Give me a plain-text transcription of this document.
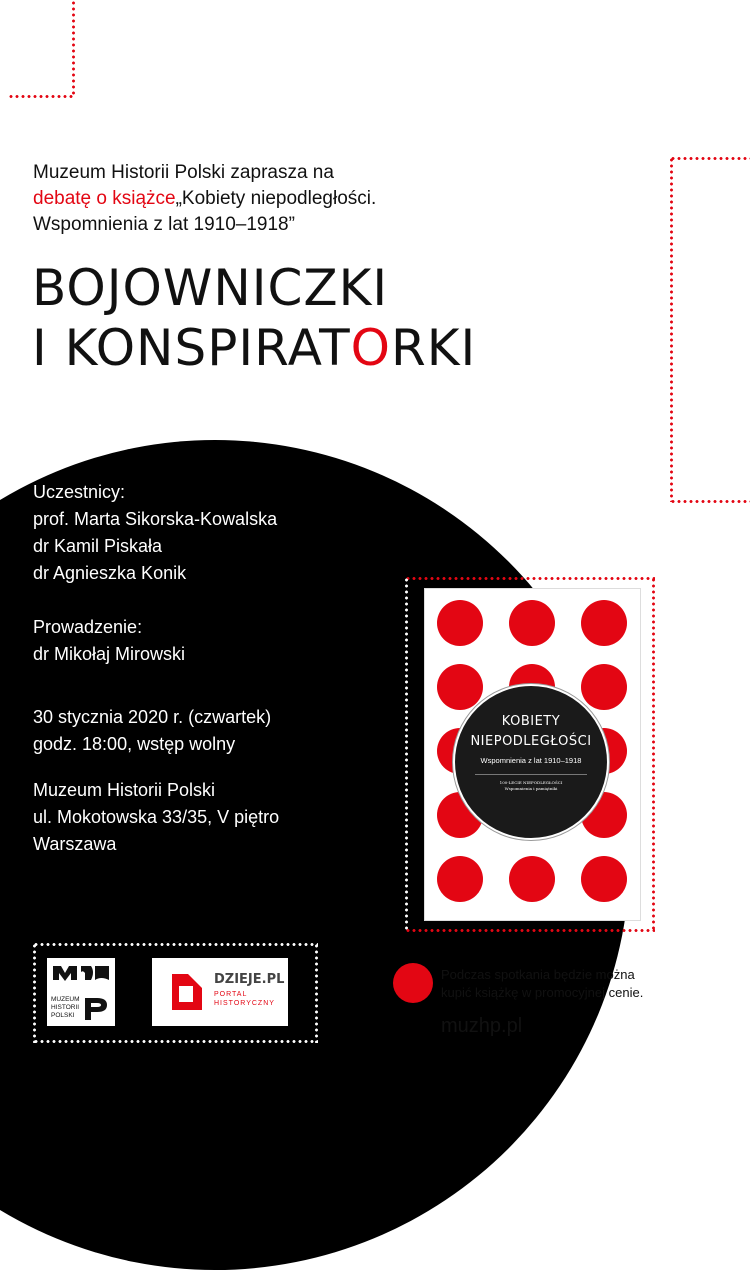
Muzeum Historii Polski zaprasza na
debatę o książce„Kobiety niepodległości.
Wspomnienia z lat 1910–1918”
BOJOWNICZKI
I KONSPIRATORKI
Uczestnicy:
prof. Marta Sikorska-Kowalska
dr Kamil Piskała
dr Agnieszka Konik
Prowadzenie:
dr Mikołaj Mirowski
30 stycznia 2020 r. (czwartek)
godz. 18:00, wstęp wolny
Muzeum Historii Polski
ul. Mokotowska 33/35, V piętro
Warszawa
KOBIETY
NIEPODLEGŁOŚCI
Wspomnienia z lat 1910–1918
100-LECIE NIEPODLEGŁOŚCI
Wspomnienia i pamiętniki
MUZEUM
HISTORII
POLSKI
DZIEJE.PL
PORTAL
HISTORYCZNY
Podczas spotkania będzie można
kupić książkę w promocyjnej cenie.
muzhp.pl
